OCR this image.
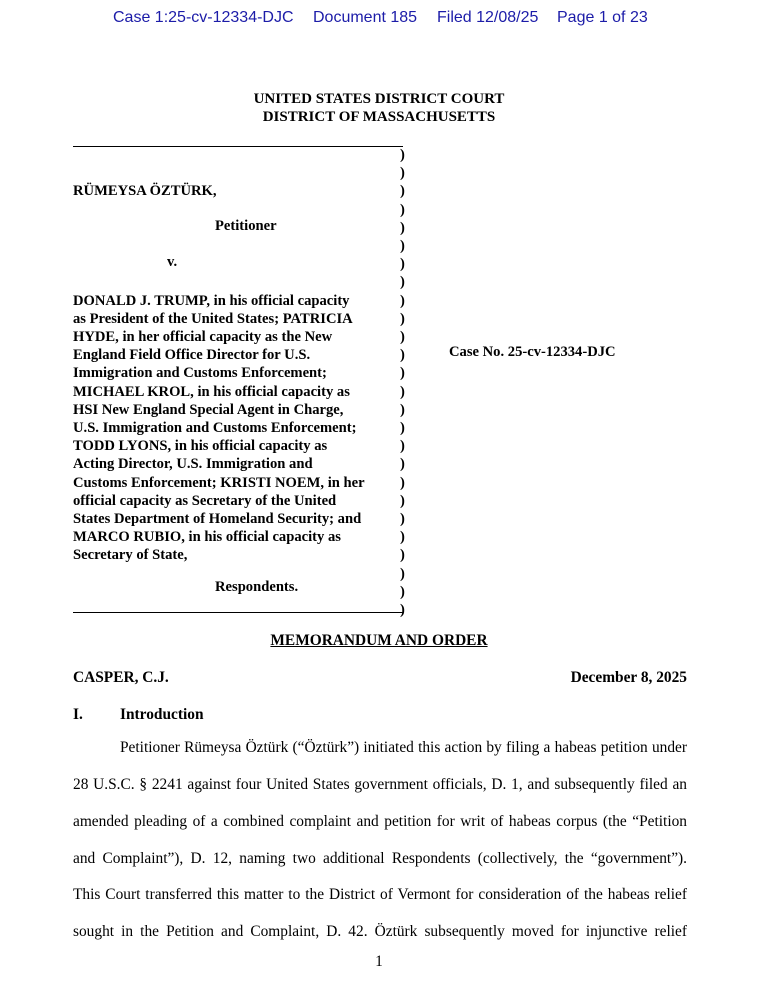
Case 1:25-cv-12334-DJC Document 185 Filed 12/08/25 Page 1 of 23
UNITED STATES DISTRICT COURT
DISTRICT OF MASSACHUSETTS
)
)
RÜMEYSA ÖZTÜRK,	)
)
)
)
)
)
DONALD J. TRUMP, in his official capacity	)
as President of the United States; PATRICIA	)
HYDE, in her official capacity as the New	)
England Field Office Director for U.S.	)
Immigration and Customs Enforcement;	)
MICHAEL KROL, in his official capacity as	)
HSI New England Special Agent in Charge,	)
U.S. Immigration and Customs Enforcement;	)
TODD LYONS, in his official capacity as	)
Acting Director, U.S. Immigration and	)
Customs Enforcement; KRISTI NOEM, in her )
official capacity as Secretary of the United	)
States Department of Homeland Security; and	)
MARCO RUBIO, in his official capacity as	)
Secretary of State,	)
)
)
)
Petitioner
v.
Respondents.
Case No. 25-cv-12334-DJC
MEMORANDUM AND ORDER
CASPER, C.J.	December 8, 2025
I. Introduction
Petitioner Rümeysa Öztürk (“Öztürk”) initiated this action by filing a habeas petition under
28 U.S.C. § 2241 against four United States government officials, D. 1, and subsequently filed an
amended pleading of a combined complaint and petition for writ of habeas corpus (the “Petition
and Complaint”), D. 12, naming two additional Respondents (collectively, the “government”).
This Court transferred this matter to the District of Vermont for consideration of the habeas relief
sought in the Petition and Complaint, D. 42. Öztürk subsequently moved for injunctive relief
1
